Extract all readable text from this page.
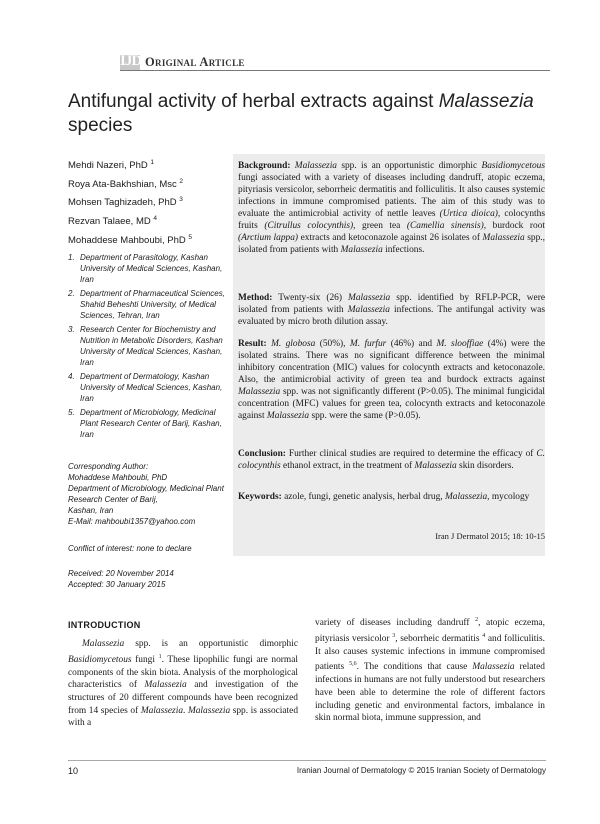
IJD Original Article
Antifungal activity of herbal extracts against Malassezia
species
Mehdi Nazeri, PhD $^1$
Roya Ata-Bakhshian, Msc $^2$
Mohsen Taghizadeh, PhD $^3$
Rezvan Talaee, MD $^4$
Mohaddese Mahboubi, PhD $^5$
1. Department of Parasitology, Kashan University of Medical Sciences, Kashan, Iran
2. Department of Pharmaceutical Sciences, Shahid Beheshti University, of Medical Sciences, Tehran, Iran
3. Research Center for Biochemistry and Nutrition in Metabolic Disorders, Kashan University of Medical Sciences, Kashan, Iran
4. Department of Dermatology, Kashan University of Medical Sciences, Kashan, Iran
5. Department of Microbiology, Medicinal Plant Research Center of Barij, Kashan, Iran
Corresponding Author:
Mohaddese Mahboubi, PhD
Department of Microbiology, Medicinal Plant Research Center of Barij,
Kashan, Iran
E-Mail: mahboubi1357@yahoo.com
Conflict of interest: none to declare
Received: 20 November 2014
Accepted: 30 January 2015
Background: Malassezia spp. is an opportunistic dimorphic Basidiomycetous fungi associated with a variety of diseases including dandruff, atopic eczema, pityriasis versicolor, seborrheic dermatitis and folliculitis. It also causes systemic infections in immune compromised patients. The aim of this study was to evaluate the antimicrobial activity of nettle leaves (Urtica dioica), colocynths fruits (Citrullus colocynthis), green tea (Camellia sinensis), burdock root (Arctium lappa) extracts and ketoconazole against 26 isolates of Malassezia spp., isolated from patients with Malassezia infections.
Method: Twenty-six (26) Malassezia spp. identified by RFLP-PCR, were isolated from patients with Malassezia infections. The antifungal activity was evaluated by micro broth dilution assay.
Result: M. globosa (50%), M. furfur (46%) and M. slooffiae (4%) were the isolated strains. There was no significant difference between the minimal inhibitory concentration (MIC) values for colocynth extracts and ketoconazole. Also, the antimicrobial activity of green tea and burdock extracts against Malassezia spp. was not significantly different (P>0.05). The minimal fungicidal concentration (MFC) values for green tea, colocynth extracts and ketoconazole against Malassezia spp. were the same (P>0.05).
Conclusion: Further clinical studies are required to determine the efficacy of C. colocynthis ethanol extract, in the treatment of Malassezia skin disorders.
Keywords: azole, fungi, genetic analysis, herbal drug, Malassezia, mycology
Iran J Dermatol 2015; 18: 10-15
INTRODUCTION
Malassezia spp. is an opportunistic dimorphic Basidiomycetous fungi $^1$. These lipophilic fungi are normal components of the skin biota. Analysis of the morphological characteristics of Malassezia and investigation of the structures of 20 different compounds have been recognized from 14 species of Malassezia. Malassezia spp. is associated with a
variety of diseases including dandruff $^2$, atopic eczema, pityriasis versicolor $^3$, seborrheic dermatitis $^4$ and folliculitis. It also causes systemic infections in immune compromised patients $^{5,6}$. The conditions that cause Malassezia related infections in humans are not fully understood but researchers have been able to determine the role of different factors including genetic and environmental factors, imbalance in skin normal biota, immune suppression, and
10	Iranian Journal of Dermatology © 2015 Iranian Society of Dermatology
